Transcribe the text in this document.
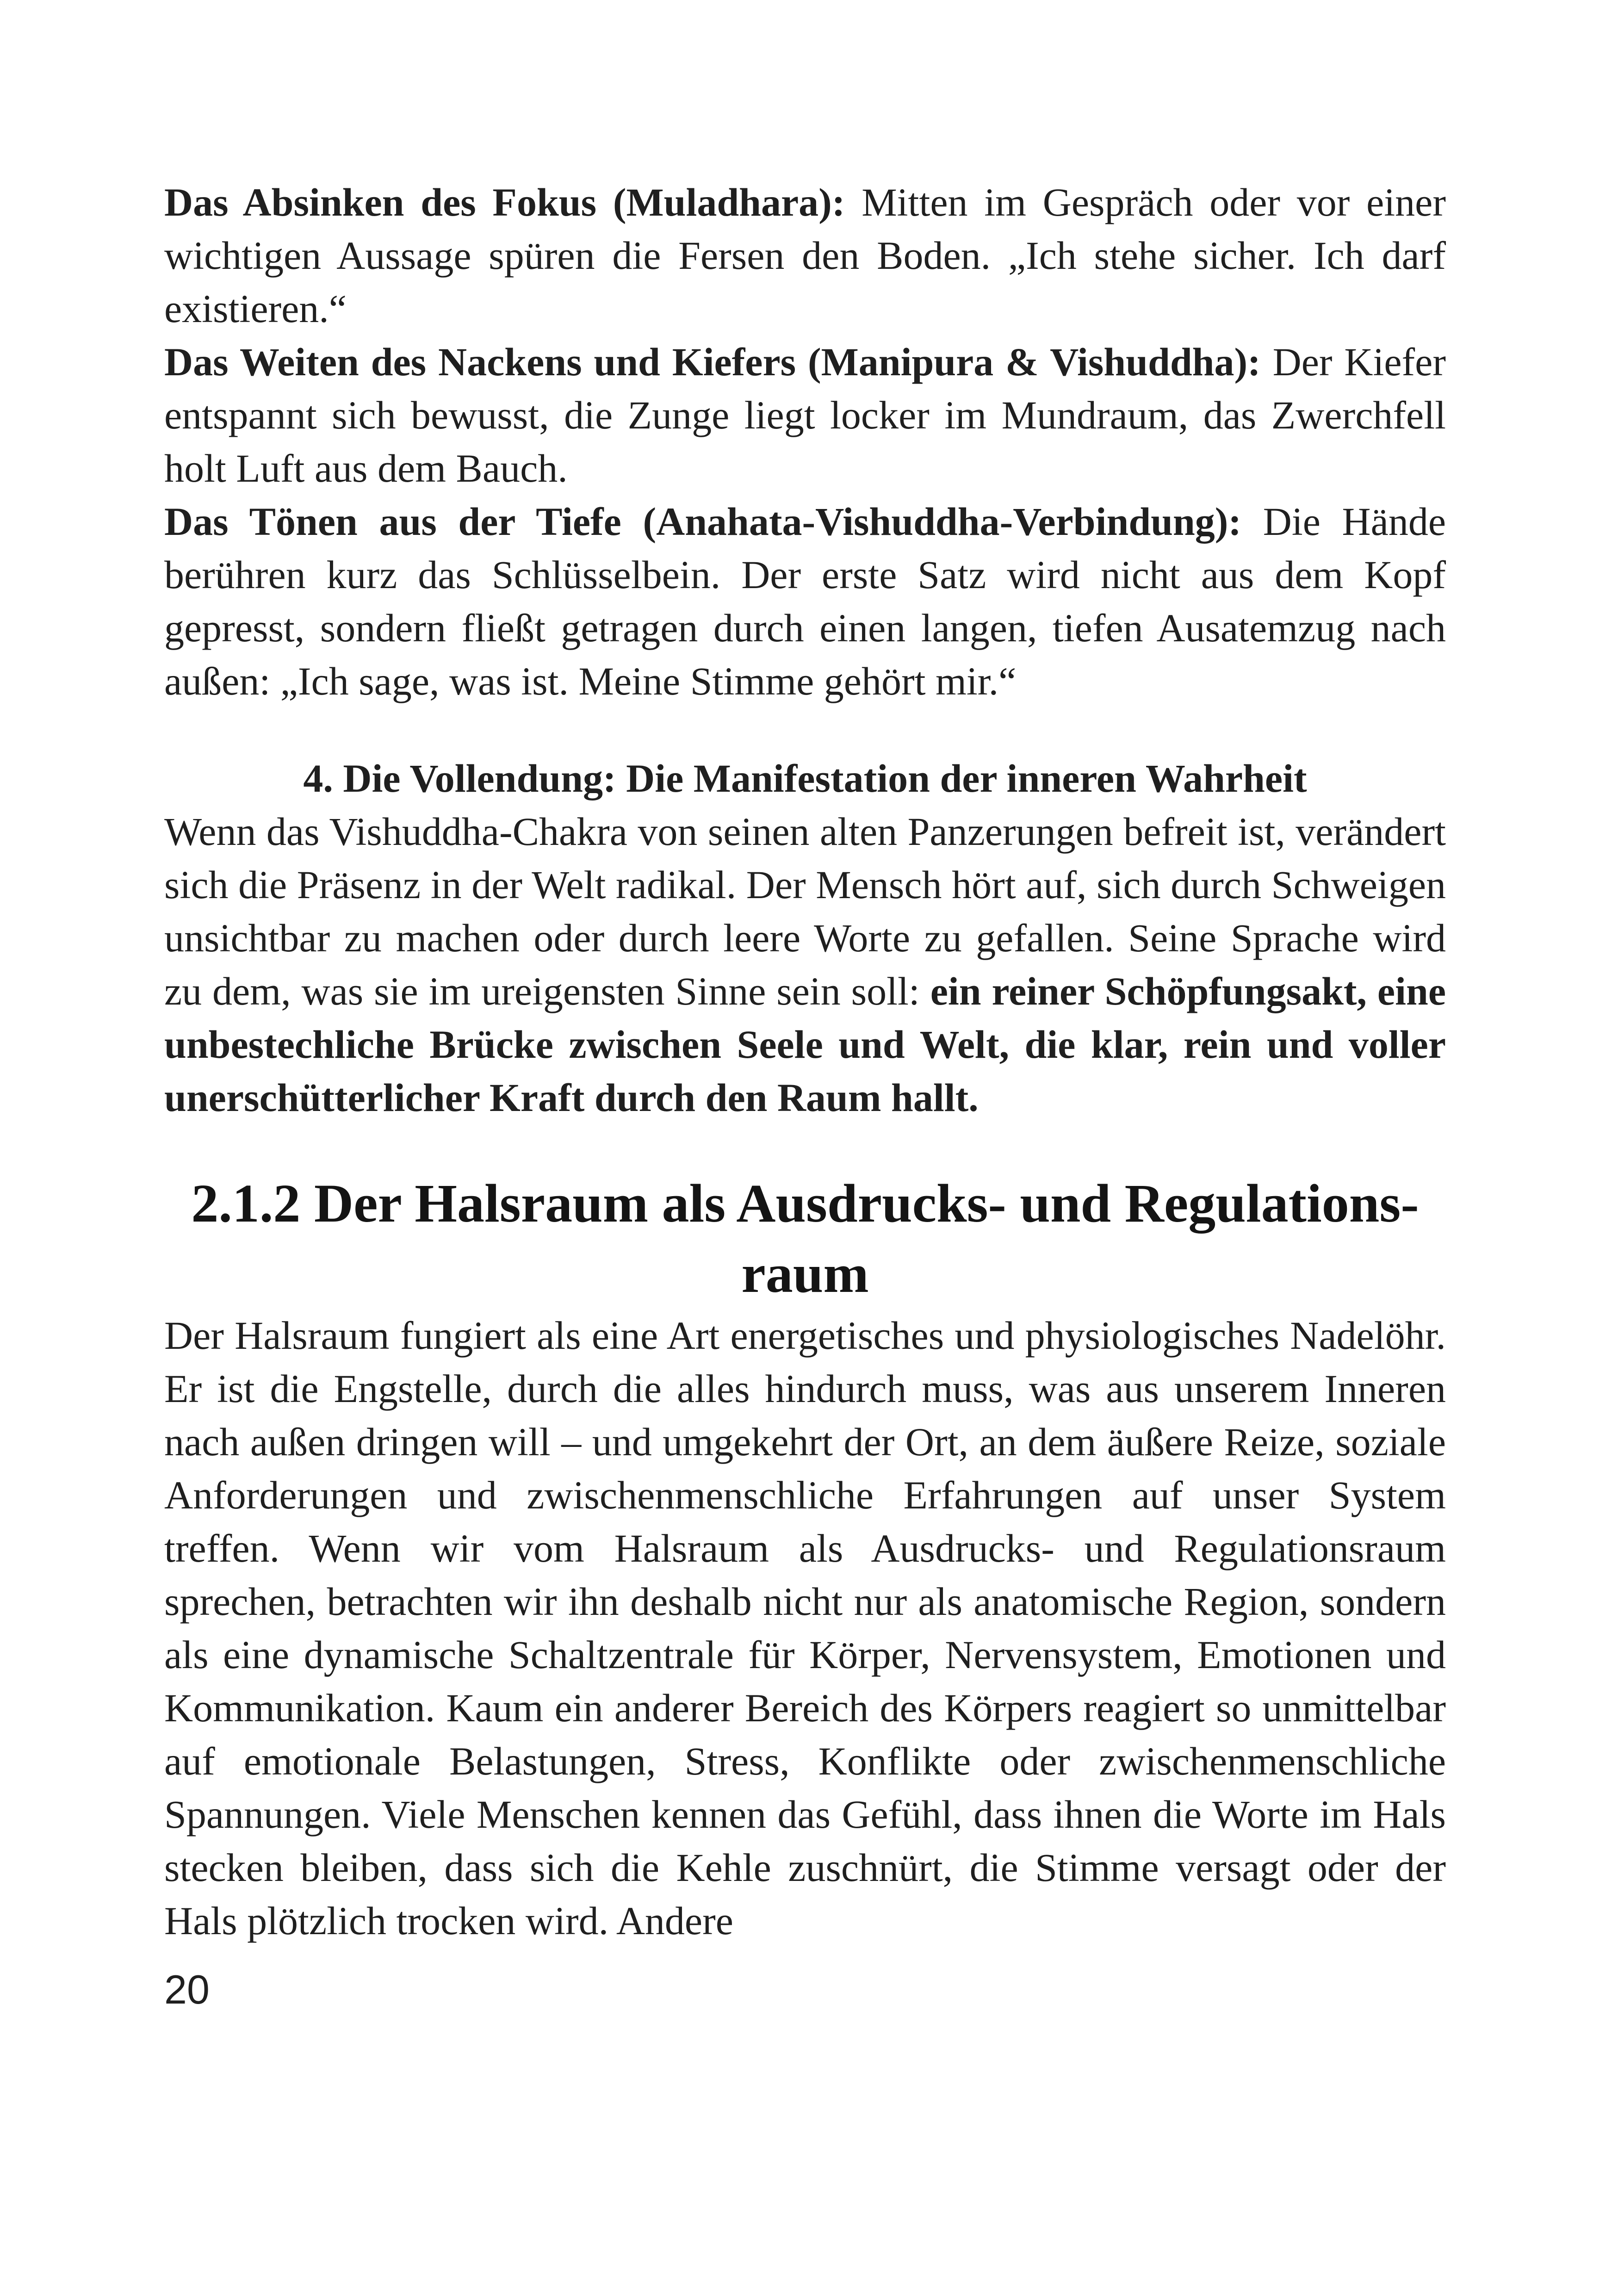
Das Absinken des Fokus (Muladhara): Mitten im Gespräch oder vor einer wichtigen Aussage spüren die Fersen den Boden. „Ich stehe sicher. Ich darf existieren.“

Das Weiten des Nackens und Kiefers (Manipura & Vishuddha): Der Kiefer entspannt sich bewusst, die Zunge liegt locker im Mundraum, das Zwerchfell holt Luft aus dem Bauch.

Das Tönen aus der Tiefe (Anahata-Vishuddha-Verbindung): Die Hände berühren kurz das Schlüsselbein. Der erste Satz wird nicht aus dem Kopf gepresst, sondern fließt getragen durch einen langen, tiefen Ausatemzug nach außen: „Ich sage, was ist. Meine Stimme gehört mir.“

4. Die Vollendung: Die Manifestation der inneren Wahrheit

Wenn das Vishuddha-Chakra von seinen alten Panzerungen befreit ist, verändert sich die Präsenz in der Welt radikal. Der Mensch hört auf, sich durch Schweigen unsichtbar zu machen oder durch leere Worte zu gefallen. Seine Sprache wird zu dem, was sie im ureigensten Sinne sein soll: ein reiner Schöpfungsakt, eine unbestechliche Brücke zwischen Seele und Welt, die klar, rein und voller unerschütterlicher Kraft durch den Raum hallt.

2.1.2 Der Halsraum als Ausdrucks- und Regulationsraum

Der Halsraum fungiert als eine Art energetisches und physiologisches Nadelöhr. Er ist die Engstelle, durch die alles hindurch muss, was aus unserem Inneren nach außen dringen will – und umgekehrt der Ort, an dem äußere Reize, soziale Anforderungen und zwischenmenschliche Erfahrungen auf unser System treffen. Wenn wir vom Halsraum als Ausdrucks- und Regulationsraum sprechen, betrachten wir ihn deshalb nicht nur als anatomische Region, sondern als eine dynamische Schaltzentrale für Körper, Nervensystem, Emotionen und Kommunikation. Kaum ein anderer Bereich des Körpers reagiert so unmittelbar auf emotionale Belastungen, Stress, Konflikte oder zwischenmenschliche Spannungen. Viele Menschen kennen das Gefühl, dass ihnen die Worte im Hals stecken bleiben, dass sich die Kehle zuschnürt, die Stimme versagt oder der Hals plötzlich trocken wird. Andere

20
